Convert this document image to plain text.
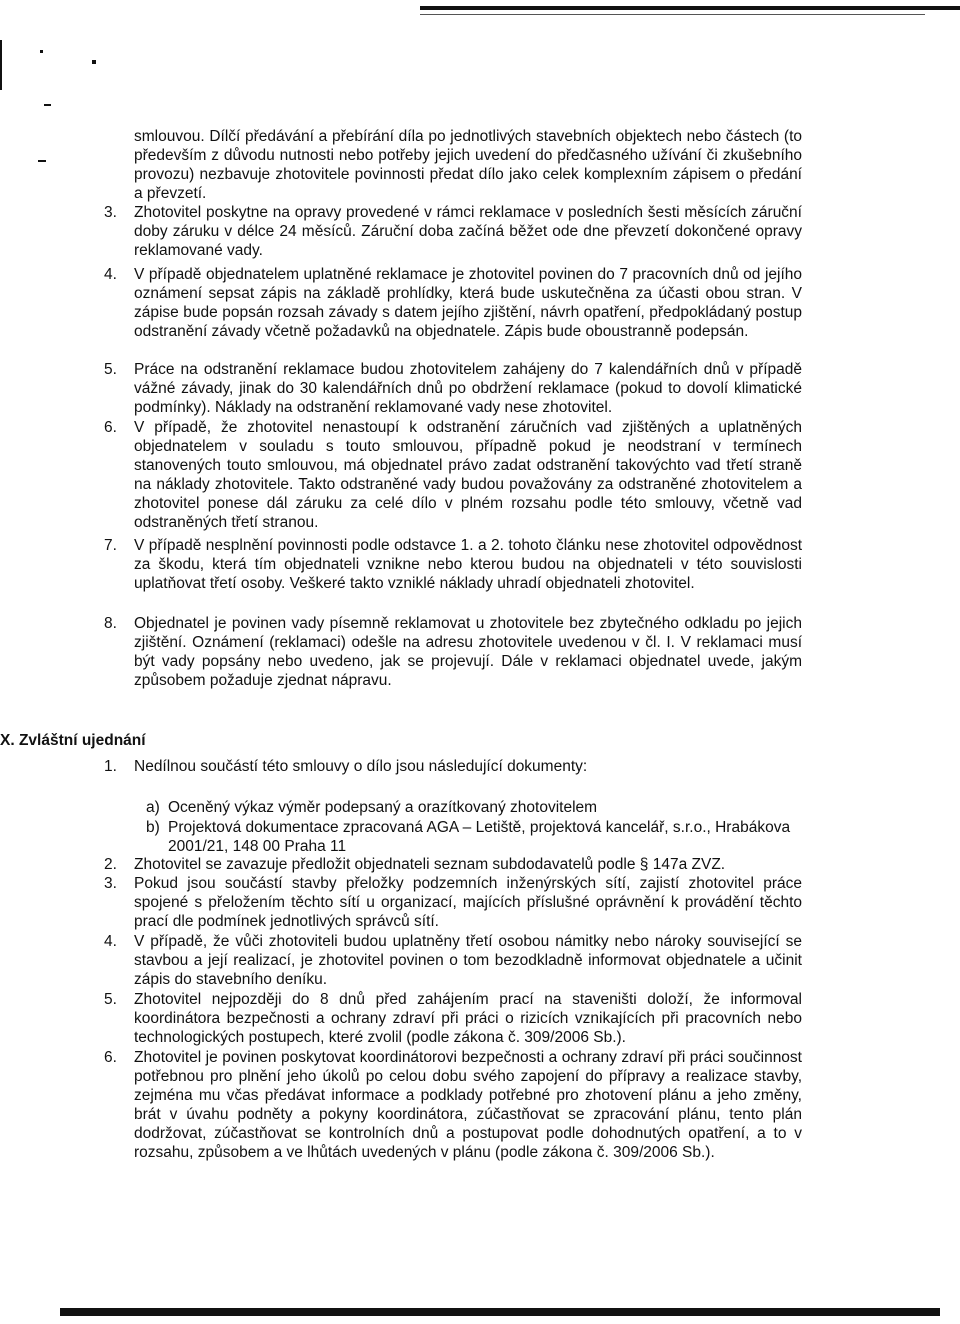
smlouvou. Dílčí předávání a přebírání díla po jednotlivých stavebních objektech nebo částech (to především z důvodu nutnosti nebo potřeby jejich uvedení do předčasného užívání či zkušebního provozu) nezbavuje zhotovitele povinnosti předat dílo jako celek komplexním zápisem o předání a převzetí.
3. Zhotovitel poskytne na opravy provedené v rámci reklamace v posledních šesti měsících záruční doby záruku v délce 24 měsíců. Záruční doba začíná běžet ode dne převzetí dokončené opravy reklamované vady.
4. V případě objednatelem uplatněné reklamace je zhotovitel povinen do 7 pracovních dnů od jejího oznámení sepsat zápis na základě prohlídky, která bude uskutečněna za účasti obou stran. V zápise bude popsán rozsah závady s datem jejího zjištění, návrh opatření, předpokládaný postup odstranění závady včetně požadavků na objednatele. Zápis bude oboustranně podepsán.
5. Práce na odstranění reklamace budou zhotovitelem zahájeny do 7 kalendářních dnů v případě vážné závady, jinak do 30 kalendářních dnů po obdržení reklamace (pokud to dovolí klimatické podmínky). Náklady na odstranění reklamované vady nese zhotovitel.
6. V případě, že zhotovitel nenastoupí k odstranění záručních vad zjištěných a uplatněných objednatelem v souladu s touto smlouvou, případně pokud je neodstraní v termínech stanovených touto smlouvou, má objednatel právo zadat odstranění takovýchto vad třetí straně na náklady zhotovitele. Takto odstraněné vady budou považovány za odstraněné zhotovitelem a zhotovitel ponese dál záruku za celé dílo v plném rozsahu podle této smlouvy, včetně vad odstraněných třetí stranou.
7. V případě nesplnění povinnosti podle odstavce 1. a 2. tohoto článku nese zhotovitel odpovědnost za škodu, která tím objednateli vznikne nebo kterou budou na objednateli v této souvislosti uplatňovat třetí osoby. Veškeré takto vzniklé náklady uhradí objednateli zhotovitel.
8. Objednatel je povinen vady písemně reklamovat u zhotovitele bez zbytečného odkladu po jejich zjištění. Oznámení (reklamaci) odešle na adresu zhotovitele uvedenou v čl. I. V reklamaci musí být vady popsány nebo uvedeno, jak se projevují. Dále v reklamaci objednatel uvede, jakým způsobem požaduje zjednat nápravu.
X. Zvláštní ujednání
1. Nedílnou součástí této smlouvy o dílo jsou následující dokumenty:
a) Oceněný výkaz výměr podepsaný a orazítkovaný zhotovitelem
b) Projektová dokumentace zpracovaná AGA – Letiště, projektová kancelář, s.r.o., Hrabákova 2001/21, 148 00 Praha 11
2. Zhotovitel se zavazuje předložit objednateli seznam subdodavatelů podle § 147a ZVZ.
3. Pokud jsou součástí stavby přeložky podzemních inženýrských sítí, zajistí zhotovitel práce spojené s přeložením těchto sítí u organizací, majících příslušné oprávnění k provádění těchto prací dle podmínek jednotlivých správců sítí.
4. V případě, že vůči zhotoviteli budou uplatněny třetí osobou námitky nebo nároky související se stavbou a její realizací, je zhotovitel povinen o tom bezodkladně informovat objednatele a učinit zápis do stavebního deníku.
5. Zhotovitel nejpozději do 8 dnů před zahájením prací na staveništi doloží, že informoval koordinátora bezpečnosti a ochrany zdraví při práci o rizicích vznikajících při pracovních nebo technologických postupech, které zvolil (podle zákona č. 309/2006 Sb.).
6. Zhotovitel je povinen poskytovat koordinátorovi bezpečnosti a ochrany zdraví při práci součinnost potřebnou pro plnění jeho úkolů po celou dobu svého zapojení do přípravy a realizace stavby, zejména mu včas předávat informace a podklady potřebné pro zhotovení plánu a jeho změny, brát v úvahu podněty a pokyny koordinátora, zúčastňovat se zpracování plánu, tento plán dodržovat, zúčastňovat se kontrolních dnů a postupovat podle dohodnutých opatření, a to v rozsahu, způsobem a ve lhůtách uvedených v plánu (podle zákona č. 309/2006 Sb.).
